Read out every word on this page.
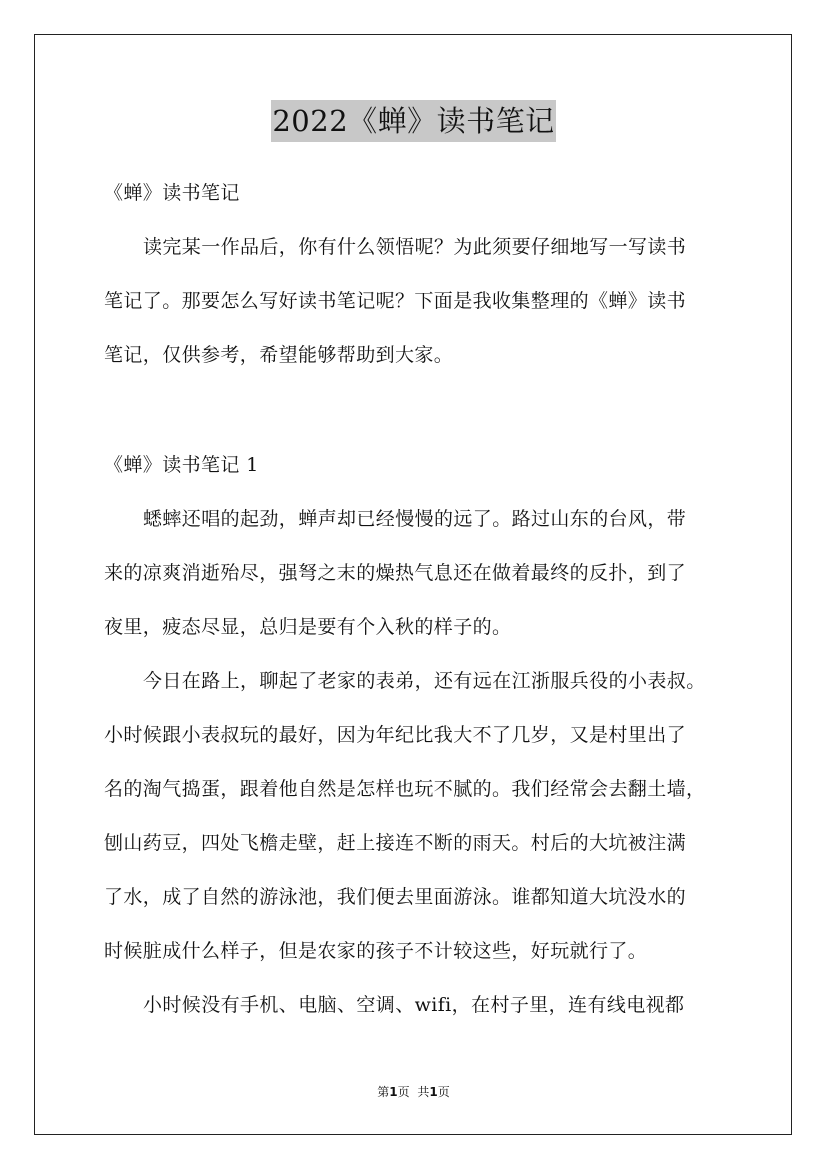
2022《蝉》读书笔记
《蝉》读书笔记
读完某一作品后，你有什么领悟呢？为此须要仔细地写一写读书
笔记了。那要怎么写好读书笔记呢？下面是我收集整理的《蝉》读书
笔记，仅供参考，希望能够帮助到大家。
《蝉》读书笔记 1
蟋蟀还唱的起劲，蝉声却已经慢慢的远了。路过山东的台风，带
来的凉爽消逝殆尽，强弩之末的燥热气息还在做着最终的反扑，到了
夜里，疲态尽显，总归是要有个入秋的样子的。
今日在路上，聊起了老家的表弟，还有远在江浙服兵役的小表叔。
小时候跟小表叔玩的最好，因为年纪比我大不了几岁，又是村里出了
名的淘气捣蛋，跟着他自然是怎样也玩不腻的。我们经常会去翻土墙，
刨山药豆，四处飞檐走壁，赶上接连不断的雨天。村后的大坑被注满
了水，成了自然的游泳池，我们便去里面游泳。谁都知道大坑没水的
时候脏成什么样子，但是农家的孩子不计较这些，好玩就行了。
小时候没有手机、电脑、空调、wifi，在村子里，连有线电视都
第1页 共1页
